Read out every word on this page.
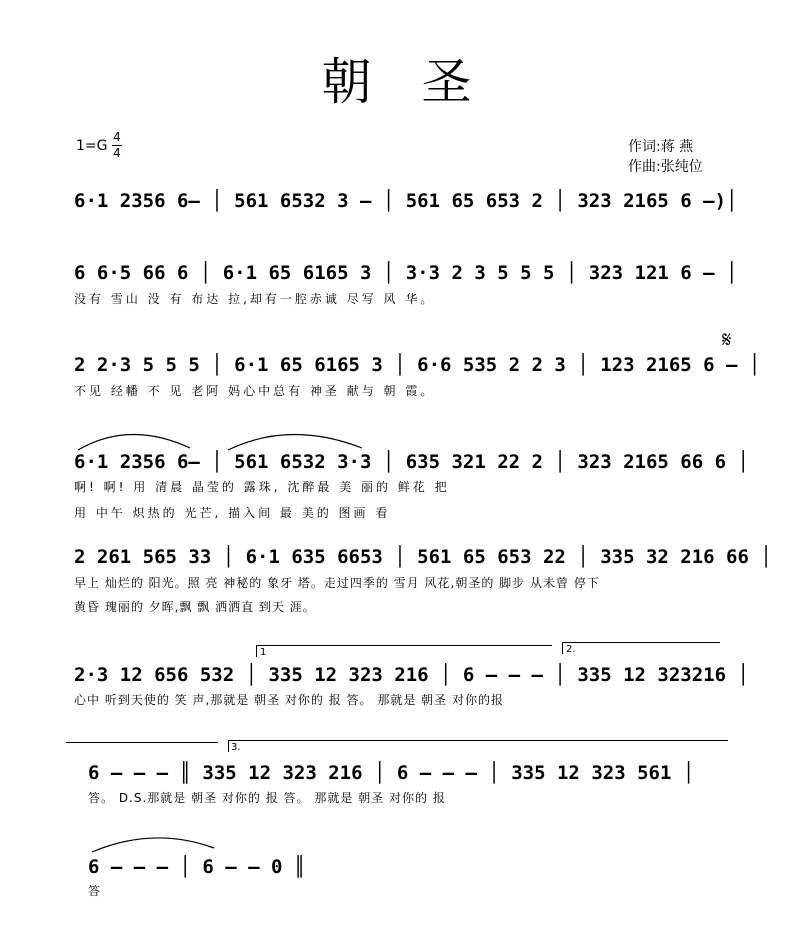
朝圣
1=G
4
4	作词:蒋 燕
作曲:张纯位
6·1 2356 6– │ 561 6532 3 – │ 561 65 653 2 │ 323 2165 6 –)│
6 6·5 66 6 │ 6·1 65 6165 3 │ 3·3 2 3 5 5 5 │ 323 121 6 – │
没有 雪山 没 有 布达 拉,却有一腔赤诚 尽写 风 华。
2 2·3 5 5 5 │ 6·1 65 6165 3 │ 6·6 535 2 2 3 │ 123 2165 6 – │
不见 经幡 不 见 老阿 妈心中总有 神圣 献与 朝 霞。
𝄋
6·1 2356 6– │ 561 6532 3·3 │ 635 321 22 2 │ 323 2165 66 6 │
啊! 啊! 用 清晨 晶莹的 露珠, 沈醉最 美 丽的 鲜花 把
用 中午 炽热的 光芒, 描入间 最 美的 图画 看
2 261 565 33 │ 6·1 635 6653 │ 561 65 653 22 │ 335 32 216 66 │
早上 灿烂的 阳光。照 亮 神秘的 象牙 塔。走过四季的 雪月 风花,朝圣的 脚步 从未曾 停下
黄昏 瑰丽的 夕晖,飘 飘 洒洒直 到天 涯。
1	2.
2·3 12 656 532 │ 335 12 323 216 │ 6 – – – │ 335 12 323216 │
心中 听到天使的 笑 声,那就是 朝圣 对你的 报 答。 那就是 朝圣 对你的报
3.
6 – – – ║ 335 12 323 216 │ 6 – – – │ 335 12 323 561 │
答。 D.S.那就是 朝圣 对你的 报 答。 那就是 朝圣 对你的 报
6 – – – │ 6 – – 0 ║
答
